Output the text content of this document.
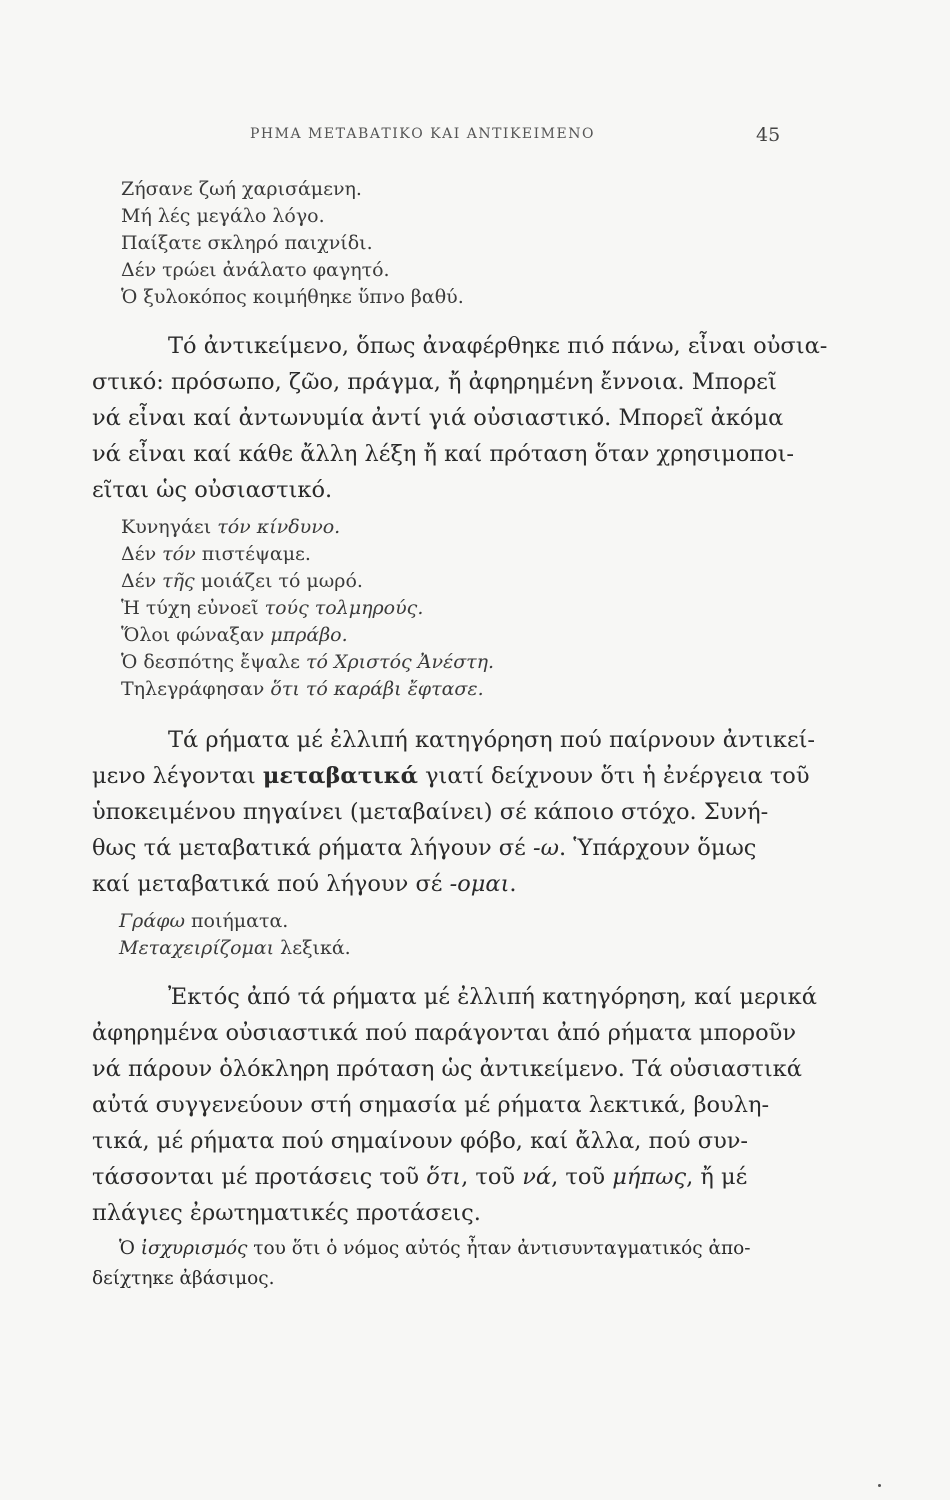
ΡΗΜΑ ΜΕΤΑΒΑΤΙΚΟ ΚΑΙ ΑΝΤΙΚΕΙΜΕΝΟ	45
Ζήσανε ζωή χαρισάμενη.
Μή λές μεγάλο λόγο.
Παίξατε σκληρό παιχνίδι.
Δέν τρώει ἀνάλατο φαγητό.
Ὁ ξυλοκόπος κοιμήθηκε ὕπνο βαθύ.
Τό ἀντικείμενο, ὅπως ἀναφέρθηκε πιό πάνω, εἶναι οὐσια-
στικό: πρόσωπο, ζῶο, πράγμα, ἤ ἀφηρημένη ἔννοια. Μπορεῖ
νά εἶναι καί ἀντωνυμία ἀντί γιά οὐσιαστικό. Μπορεῖ ἀκόμα
νά εἶναι καί κάθε ἄλλη λέξη ἤ καί πρόταση ὅταν χρησιμοποι-
εῖται ὡς οὐσιαστικό.
Κυνηγάει τόν κίνδυνο.
Δέν τόν πιστέψαμε.
Δέν τῆς μοιάζει τό μωρό.
Ἡ τύχη εὐνοεῖ τούς τολμηρούς.
Ὅλοι φώναξαν μπράβο.
Ὁ δεσπότης ἔψαλε τό Χριστός Ἀνέστη.
Τηλεγράφησαν ὅτι τό καράβι ἔφτασε.
Τά ρήματα μέ ἐλλιπή κατηγόρηση πού παίρνουν ἀντικεί-
μενο λέγονται μεταβατικά γιατί δείχνουν ὅτι ἡ ἐνέργεια τοῦ
ὑποκειμένου πηγαίνει (μεταβαίνει) σέ κάποιο στόχο. Συνή-
θως τά μεταβατικά ρήματα λήγουν σέ -ω. Ὑπάρχουν ὅμως
καί μεταβατικά πού λήγουν σέ -ομαι.
Γράφω ποιήματα.
Μεταχειρίζομαι λεξικά.
Ἐκτός ἀπό τά ρήματα μέ ἐλλιπή κατηγόρηση, καί μερικά
ἀφηρημένα οὐσιαστικά πού παράγονται ἀπό ρήματα μποροῦν
νά πάρουν ὁλόκληρη πρόταση ὡς ἀντικείμενο. Τά οὐσιαστικά
αὐτά συγγενεύουν στή σημασία μέ ρήματα λεκτικά, βουλη-
τικά, μέ ρήματα πού σημαίνουν φόβο, καί ἄλλα, πού συν-
τάσσονται μέ προτάσεις τοῦ ὅτι, τοῦ νά, τοῦ μήπως, ἤ μέ
πλάγιες ἐρωτηματικές προτάσεις.
Ὁ ἰσχυρισμός του ὅτι ὁ νόμος αὐτός ἦταν ἀντισυνταγματικός ἀπο-
δείχτηκε ἀβάσιμος.
